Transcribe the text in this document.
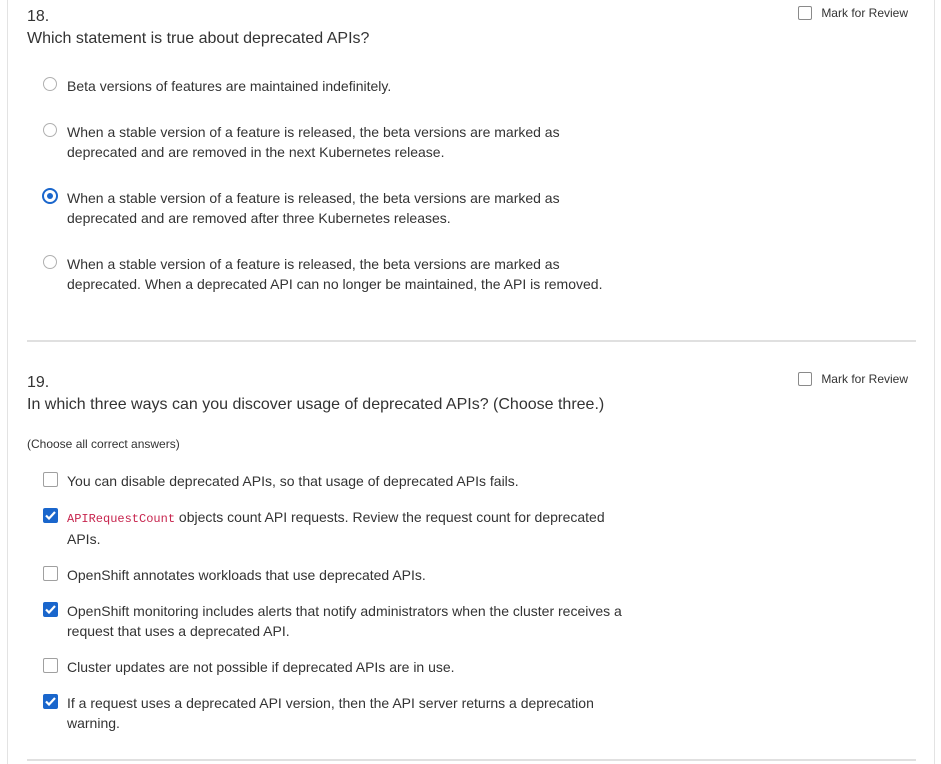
18.
Which statement is true about deprecated APIs?
Mark for Review
Beta versions of features are maintained indefinitely.
When a stable version of a feature is released, the beta versions are marked as deprecated and are removed in the next Kubernetes release.
When a stable version of a feature is released, the beta versions are marked as deprecated and are removed after three Kubernetes releases.
When a stable version of a feature is released, the beta versions are marked as deprecated. When a deprecated API can no longer be maintained, the API is removed.
19.
In which three ways can you discover usage of deprecated APIs? (Choose three.)
Mark for Review
(Choose all correct answers)
You can disable deprecated APIs, so that usage of deprecated APIs fails.
APIRequestCount objects count API requests. Review the request count for deprecated APIs.
OpenShift annotates workloads that use deprecated APIs.
OpenShift monitoring includes alerts that notify administrators when the cluster receives a request that uses a deprecated API.
Cluster updates are not possible if deprecated APIs are in use.
If a request uses a deprecated API version, then the API server returns a deprecation warning.
